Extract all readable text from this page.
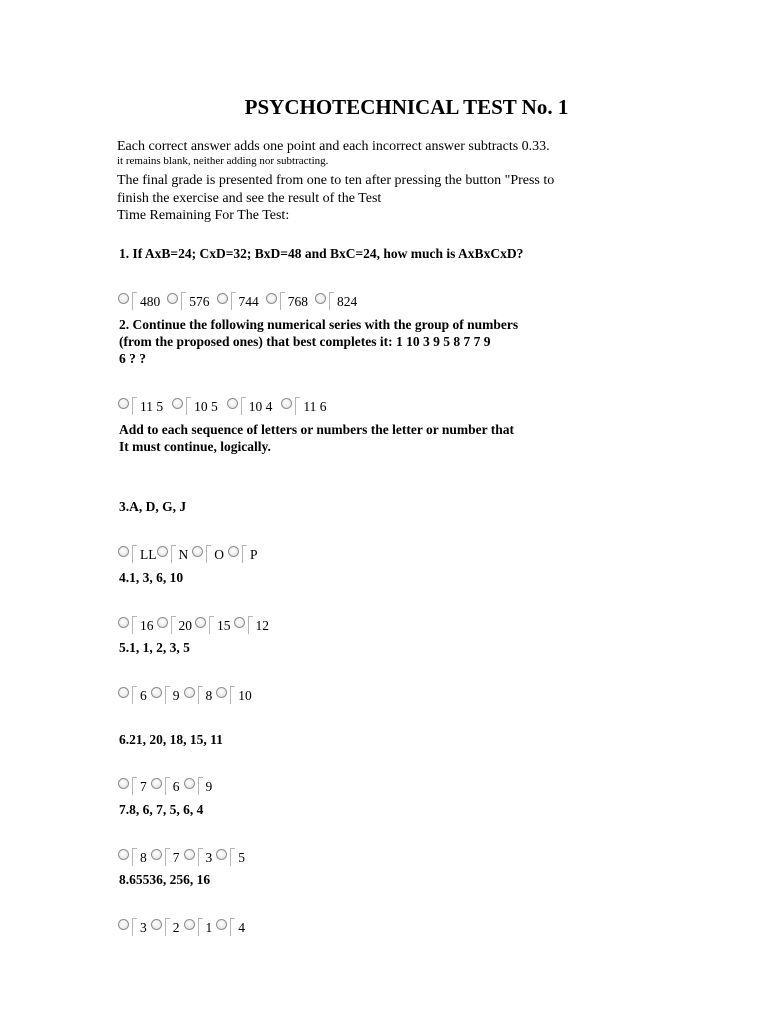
PSYCHOTECHNICAL TEST No. 1
Each correct answer adds one point and each incorrect answer subtracts 0.33.
it remains blank, neither adding nor subtracting.
The final grade is presented from one to ten after pressing the button "Press to
finish the exercise and see the result of the Test
Time Remaining For The Test:
1. If AxB=24; CxD=32; BxD=48 and BxC=24, how much is AxBxCxD?
480 576 744 768 824
2. Continue the following numerical series with the group of numbers
(from the proposed ones) that best completes it: 1 10 3 9 5 8 7 7 9
6 ? ?
11 5 10 5 10 4 11 6
Add to each sequence of letters or numbers the letter or number that
It must continue, logically.
3.A, D, G, J
LL N O P
4.1, 3, 6, 10
16 20 15 12
5.1, 1, 2, 3, 5
6 9 8 10
6.21, 20, 18, 15, 11
7 6 9
7.8, 6, 7, 5, 6, 4
8 7 3 5
8.65536, 256, 16
3 2 1 4
